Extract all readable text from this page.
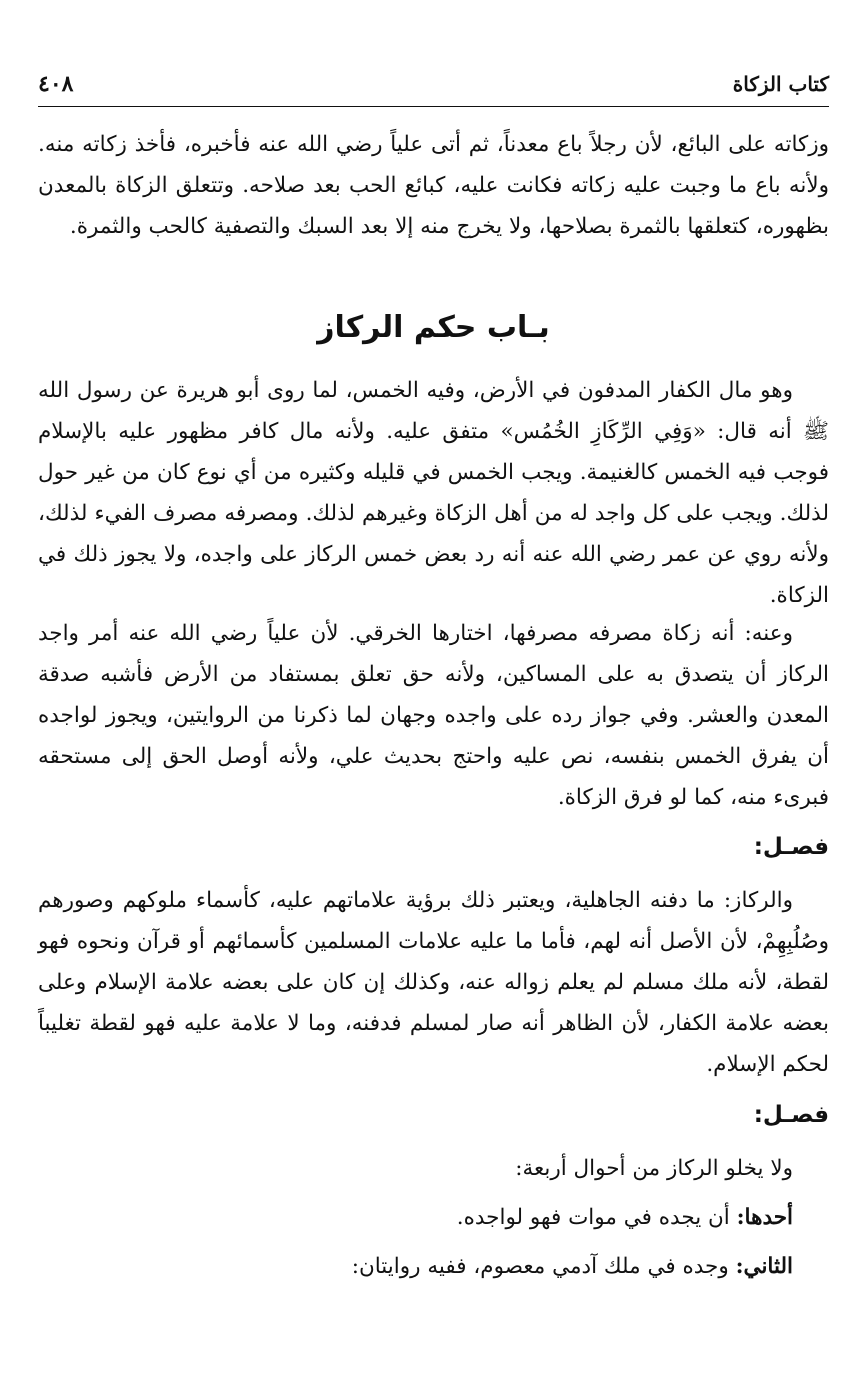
كتاب الزكاة
٤٠٨

وزكاته على البائع، لأن رجلاً باع معدناً، ثم أتى علياً رضي الله عنه فأخبره، فأخذ زكاته منه. ولأنه باع ما وجبت عليه زكاته فكانت عليه، كبائع الحب بعد صلاحه. وتتعلق الزكاة بالمعدن بظهوره، كتعلقها بالثمرة بصلاحها، ولا يخرج منه إلا بعد السبك والتصفية كالحب والثمرة.

بـاب حكم الركاز

وهو مال الكفار المدفون في الأرض، وفيه الخمس، لما روى أبو هريرة عن رسول الله ﷺ أنه قال: «وَفِي الرِّكَازِ الخُمُس» متفق عليه. ولأنه مال كافر مظهور عليه بالإسلام فوجب فيه الخمس كالغنيمة. ويجب الخمس في قليله وكثيره من أي نوع كان من غير حول لذلك. ويجب على كل واجد له من أهل الزكاة وغيرهم لذلك. ومصرفه مصرف الفيء لذلك، ولأنه روي عن عمر رضي الله عنه أنه رد بعض خمس الركاز على واجده، ولا يجوز ذلك في الزكاة.

وعنه: أنه زكاة مصرفه مصرفها، اختارها الخرقي. لأن علياً رضي الله عنه أمر واجد الركاز أن يتصدق به على المساكين، ولأنه حق تعلق بمستفاد من الأرض فأشبه صدقة المعدن والعشر. وفي جواز رده على واجده وجهان لما ذكرنا من الروايتين، ويجوز لواجده أن يفرق الخمس بنفسه، نص عليه واحتج بحديث علي، ولأنه أوصل الحق إلى مستحقه فبرىء منه، كما لو فرق الزكاة.

فصـل:

والركاز: ما دفنه الجاهلية، ويعتبر ذلك برؤية علاماتهم عليه، كأسماء ملوكهم وصورهم وصُلُبِهِمْ، لأن الأصل أنه لهم، فأما ما عليه علامات المسلمين كأسمائهم أو قرآن ونحوه فهو لقطة، لأنه ملك مسلم لم يعلم زواله عنه، وكذلك إن كان على بعضه علامة الإسلام وعلى بعضه علامة الكفار، لأن الظاهر أنه صار لمسلم فدفنه، وما لا علامة عليه فهو لقطة تغليباً لحكم الإسلام.

فصـل:

ولا يخلو الركاز من أحوال أربعة:

أحدها: أن يجده في موات فهو لواجده.

الثاني: وجده في ملك آدمي معصوم، ففيه روايتان:
